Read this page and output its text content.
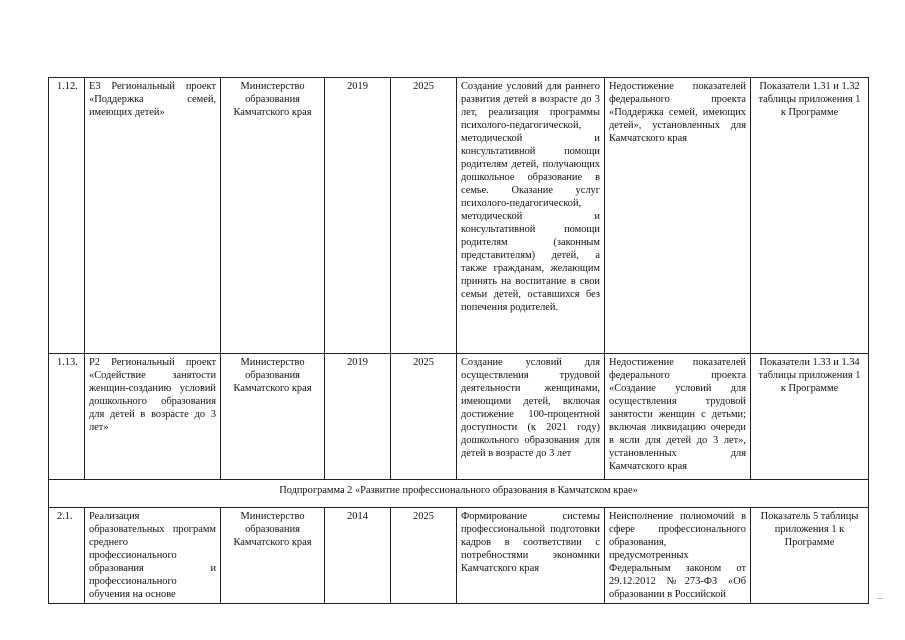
1.12.	Е3 Региональный проект «Поддержка семей, имеющих детей»	Министерство образования Камчатского края	2019	2025	Создание условий для раннего развития детей в возрасте до 3 лет, реализация программы психолого-педагогической, методической и консультативной помощи родителям детей, получающих дошкольное образование в семье. Оказание услуг психолого-педагогической, методической и консультативной помощи родителям (законным представителям) детей, а также гражданам, желающим принять на воспитание в свои семьи детей, оставшихся без попечения родителей.	Недостижение показателей федерального проекта «Поддержка семей, имеющих детей», установленных для Камчатского края	Показатели 1.31 и 1.32 таблицы приложения 1 к Программе
1.13.	Р2 Региональный проект «Содействие занятости женщин-созданию условий дошкольного образования для детей в возрасте до 3 лет»	Министерство образования Камчатского края	2019	2025	Создание условий для осуществления трудовой деятельности женщинами, имеющими детей, включая достижение 100-процентной доступности (к 2021 году) дошкольного образования для детей в возрасте до 3 лет	Недостижение показателей федерального проекта «Создание условий для осуществления трудовой занятости женщин с детьми; включая ликвидацию очереди в ясли для детей до 3 лет», установленных для Камчатского края	Показатели 1.33 и 1.34 таблицы приложения 1 к Программе
Подпрограмма 2 «Развитие профессионального образования в Камчатском крае»							
2.1.	Реализация образовательных программ среднего профессионального образования и профессионального обучения на основе	Министерство образования Камчатского края	2014	2025	Формирование системы профессиональной подготовки кадров в соответствии с потребностями экономики Камчатского края	Неисполнение полномочий в сфере профессионального образования, предусмотренных Федеральным законом от 29.12.2012 №273-ФЗ «Об образовании в Российской	Показатель 5 таблицы приложения 1 к Программе
